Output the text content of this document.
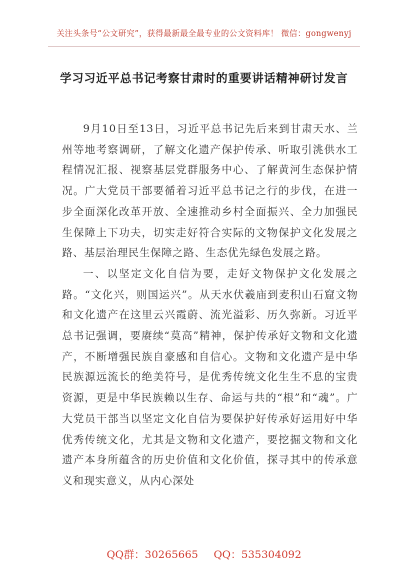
关注头条号“公文研究”，获得最新最全最专业的公文资料库！ 微信：gongwenyj
学习习近平总书记考察甘肃时的重要讲话精神研讨发言

9月10日至13日，习近平总书记先后来到甘肃天水、兰州等地考察调研，了解文化遗产保护传承、听取引洮供水工程情况汇报、视察基层党群服务中心、了解黄河生态保护情况。广大党员干部要循着习近平总书记之行的步伐，在进一步全面深化改革开放、全速推动乡村全面振兴、全力加强民生保障上下功夫，切实走好符合实际的文物保护文化发展之路、基层治理民生保障之路、生态优先绿色发展之路。

一、以坚定文化自信为要，走好文物保护文化发展之路。“文化兴，则国运兴”。从天水伏羲庙到麦积山石窟文物和文化遗产在这里云兴霞蔚、流光溢彩、历久弥新。习近平总书记强调，要赓续“莫高”精神，保护传承好文物和文化遗产，不断增强民族自豪感和自信心。文物和文化遗产是中华民族源远流长的绝美符号，是优秀传统文化生生不息的宝贵资源，更是中华民族赖以生存、命运与共的“根”和“魂”。广大党员干部当以坚定文化自信为要保护好传承好运用好中华优秀传统文化，尤其是文物和文化遗产，要挖掘文物和文化遗产本身所蕴含的历史价值和文化价值，探寻其中的传承意义和现实意义，从内心深处

QQ群：30265665 QQ：535304092
